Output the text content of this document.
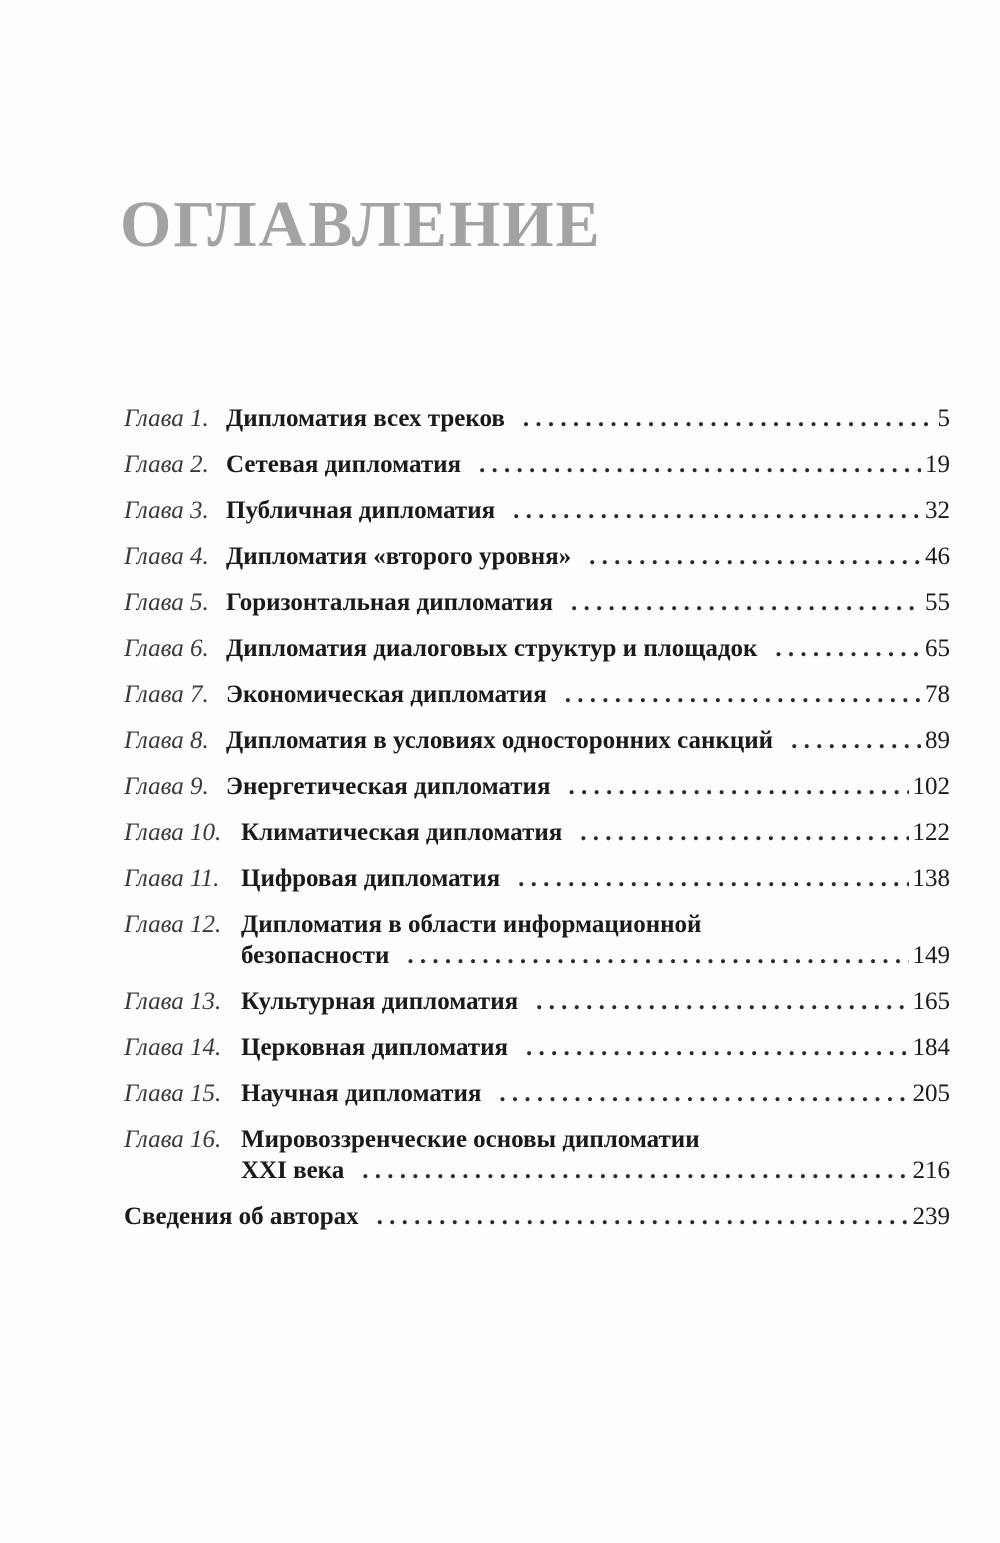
ОГЛАВЛЕНИЕ
Глава 1. Дипломатия всех треков . . .	5
Глава 2. Сетевая дипломатия . . .	19
Глава 3. Публичная дипломатия . . .	32
Глава 4. Дипломатия «второго уровня» . . .	46
Глава 5. Горизонтальная дипломатия . . .	55
Глава 6. Дипломатия диалоговых структур и площадок . . .	65
Глава 7. Экономическая дипломатия . . .	78
Глава 8. Дипломатия в условиях односторонних санкций . . .	89
Глава 9. Энергетическая дипломатия . . .	102
Глава 10. Климатическая дипломатия . . .	122
Глава 11. Цифровая дипломатия . . .	138
Глава 12. Дипломатия в области информационной
безопасности . . .	149
Глава 13. Культурная дипломатия . . .	165
Глава 14. Церковная дипломатия . . .	184
Глава 15. Научная дипломатия . . .	205
Глава 16. Мировоззренческие основы дипломатии
XXI века . . .	216
Сведения об авторах . . .	239
